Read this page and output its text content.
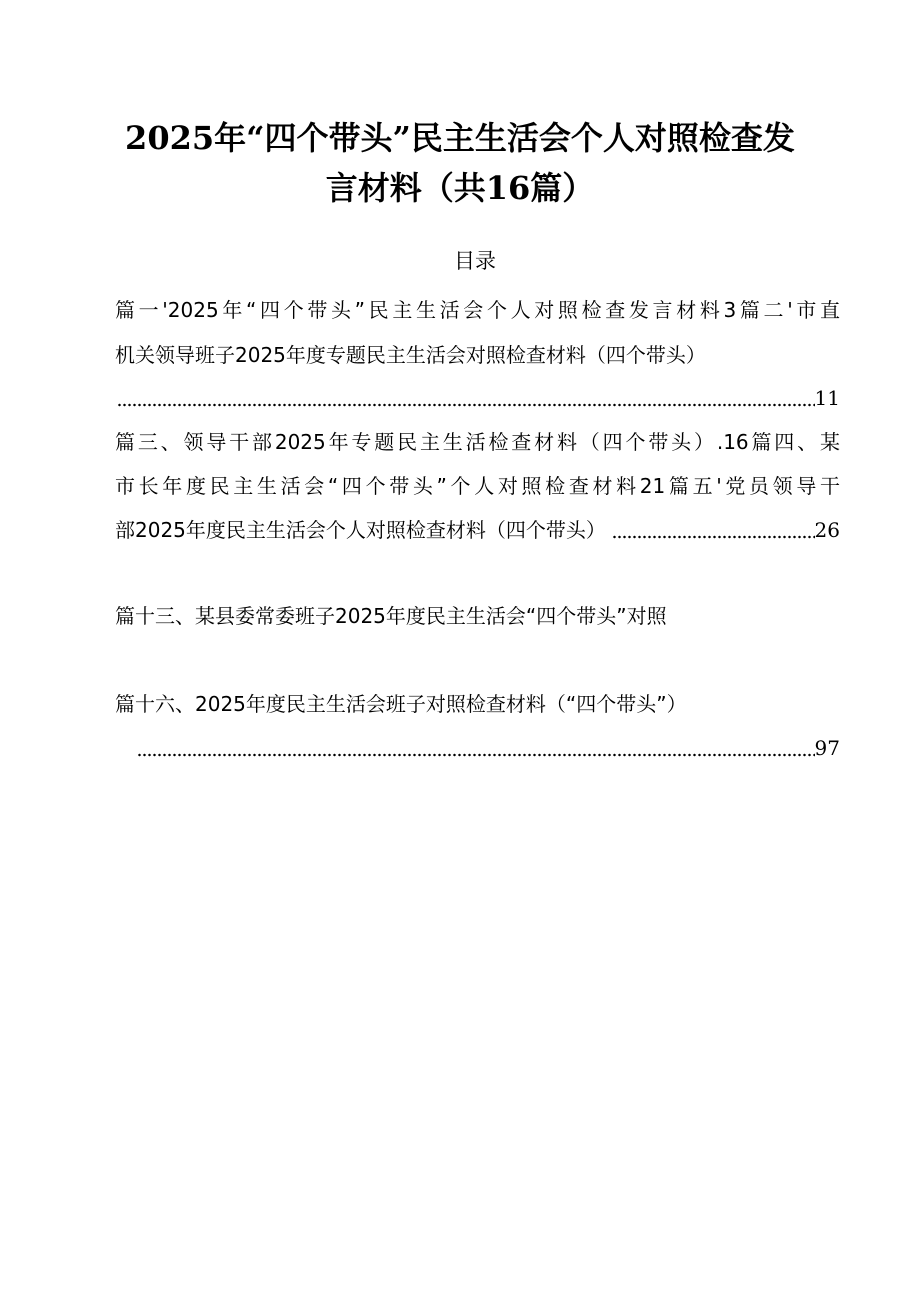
2025年“四个带头”民主生活会个人对照检查发
言材料（共16篇）
目录
篇一'2025年“四个带头”民主生活会个人对照检查发言材料3篇二'市直
机关领导班子2025年度专题民主生活会对照检查材料（四个带头）
11
篇三、领导干部2025年专题民主生活检查材料（四个带头）.16篇四、某
市长年度民主生活会“四个带头”个人对照检查材料21篇五'党员领导干
部2025年度民主生活会个人对照检查材料（四个带头）	26
篇十三、某县委常委班子2025年度民主生活会“四个带头”对照
篇十六、2025年度民主生活会班子对照检查材料（“四个带头”）
97
